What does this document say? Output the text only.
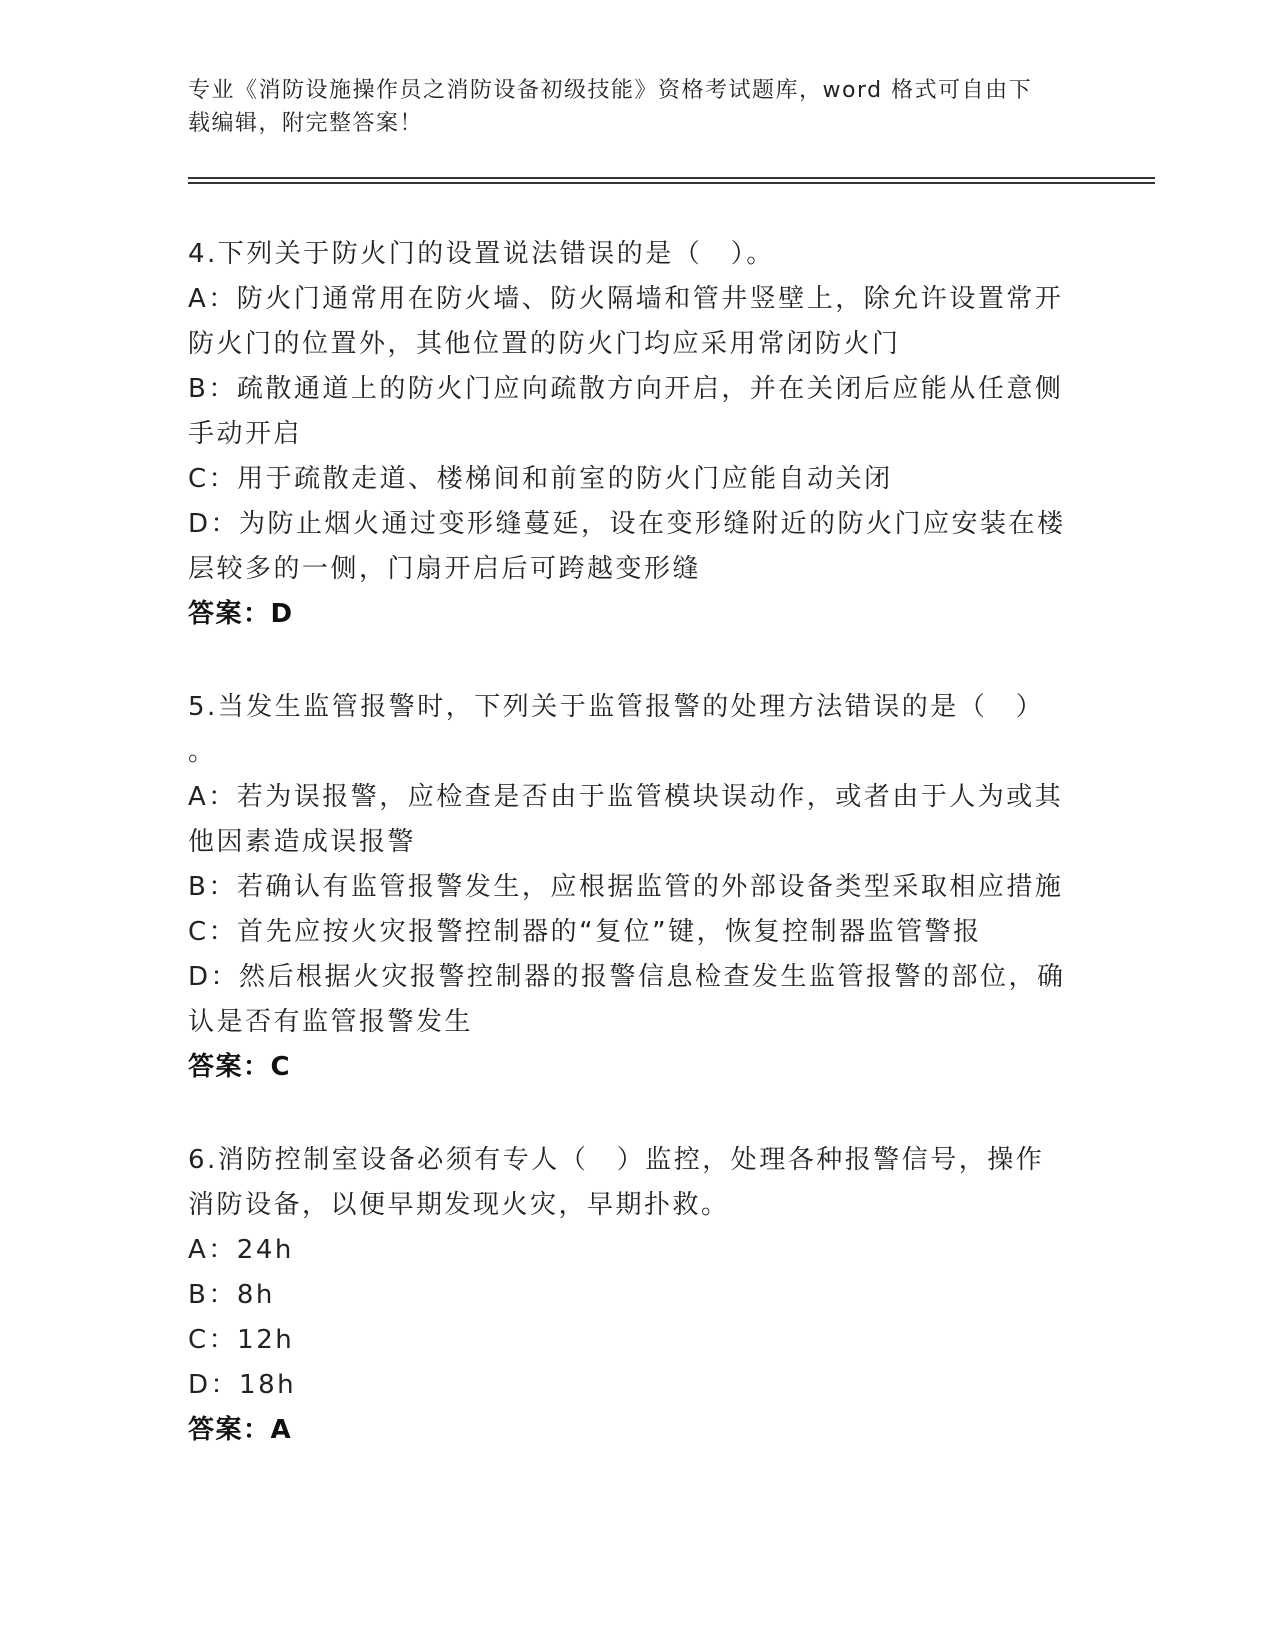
专业《消防设施操作员之消防设备初级技能》资格考试题库，word 格式可自由下
载编辑，附完整答案！
4.下列关于防火门的设置说法错误的是（　）。
A：防火门通常用在防火墙、防火隔墙和管井竖壁上，除允许设置常开
防火门的位置外，其他位置的防火门均应采用常闭防火门
B：疏散通道上的防火门应向疏散方向开启，并在关闭后应能从任意侧
手动开启
C：用于疏散走道、楼梯间和前室的防火门应能自动关闭
D：为防止烟火通过变形缝蔓延，设在变形缝附近的防火门应安装在楼
层较多的一侧，门扇开启后可跨越变形缝
答案：D
5.当发生监管报警时，下列关于监管报警的处理方法错误的是（　）
。
A：若为误报警，应检查是否由于监管模块误动作，或者由于人为或其
他因素造成误报警
B：若确认有监管报警发生，应根据监管的外部设备类型采取相应措施
C：首先应按火灾报警控制器的“复位”键，恢复控制器监管警报
D：然后根据火灾报警控制器的报警信息检查发生监管报警的部位，确
认是否有监管报警发生
答案：C
6.消防控制室设备必须有专人（　）监控，处理各种报警信号，操作
消防设备，以便早期发现火灾，早期扑救。
A：24h
B：8h
C：12h
D：18h
答案：A
